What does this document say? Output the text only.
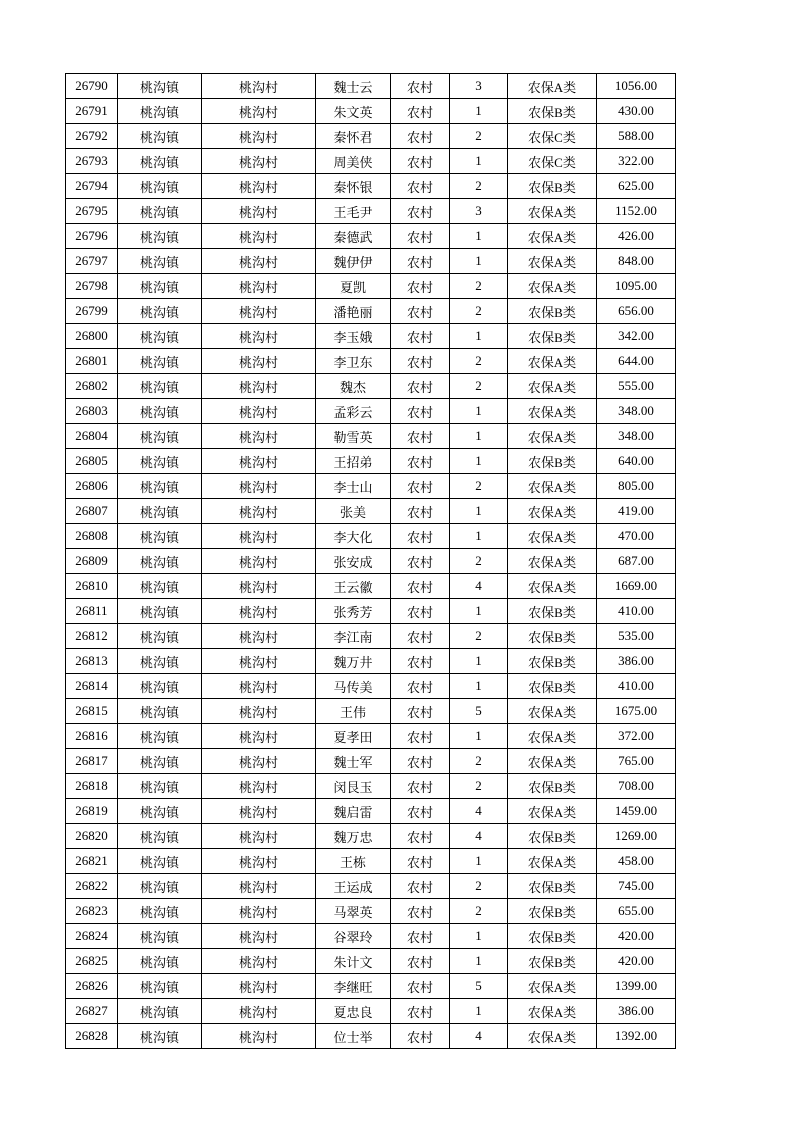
26790	桃沟镇	桃沟村	魏士云	农村	3	农保A类	1056.00
26791	桃沟镇	桃沟村	朱文英	农村	1	农保B类	430.00
26792	桃沟镇	桃沟村	秦怀君	农村	2	农保C类	588.00
26793	桃沟镇	桃沟村	周美侠	农村	1	农保C类	322.00
26794	桃沟镇	桃沟村	秦怀银	农村	2	农保B类	625.00
26795	桃沟镇	桃沟村	王毛尹	农村	3	农保A类	1152.00
26796	桃沟镇	桃沟村	秦德武	农村	1	农保A类	426.00
26797	桃沟镇	桃沟村	魏伊伊	农村	1	农保A类	848.00
26798	桃沟镇	桃沟村	夏凯	农村	2	农保A类	1095.00
26799	桃沟镇	桃沟村	潘艳丽	农村	2	农保B类	656.00
26800	桃沟镇	桃沟村	李玉娥	农村	1	农保B类	342.00
26801	桃沟镇	桃沟村	李卫东	农村	2	农保A类	644.00
26802	桃沟镇	桃沟村	魏杰	农村	2	农保A类	555.00
26803	桃沟镇	桃沟村	孟彩云	农村	1	农保A类	348.00
26804	桃沟镇	桃沟村	勒雪英	农村	1	农保A类	348.00
26805	桃沟镇	桃沟村	王招弟	农村	1	农保B类	640.00
26806	桃沟镇	桃沟村	李士山	农村	2	农保A类	805.00
26807	桃沟镇	桃沟村	张美	农村	1	农保A类	419.00
26808	桃沟镇	桃沟村	李大化	农村	1	农保A类	470.00
26809	桃沟镇	桃沟村	张安成	农村	2	农保A类	687.00
26810	桃沟镇	桃沟村	王云徽	农村	4	农保A类	1669.00
26811	桃沟镇	桃沟村	张秀芳	农村	1	农保B类	410.00
26812	桃沟镇	桃沟村	李江南	农村	2	农保B类	535.00
26813	桃沟镇	桃沟村	魏万井	农村	1	农保B类	386.00
26814	桃沟镇	桃沟村	马传美	农村	1	农保B类	410.00
26815	桃沟镇	桃沟村	王伟	农村	5	农保A类	1675.00
26816	桃沟镇	桃沟村	夏孝田	农村	1	农保A类	372.00
26817	桃沟镇	桃沟村	魏士军	农村	2	农保A类	765.00
26818	桃沟镇	桃沟村	闵艮玉	农村	2	农保B类	708.00
26819	桃沟镇	桃沟村	魏启雷	农村	4	农保A类	1459.00
26820	桃沟镇	桃沟村	魏万忠	农村	4	农保B类	1269.00
26821	桃沟镇	桃沟村	王栋	农村	1	农保A类	458.00
26822	桃沟镇	桃沟村	王运成	农村	2	农保B类	745.00
26823	桃沟镇	桃沟村	马翠英	农村	2	农保B类	655.00
26824	桃沟镇	桃沟村	谷翠玲	农村	1	农保B类	420.00
26825	桃沟镇	桃沟村	朱计文	农村	1	农保B类	420.00
26826	桃沟镇	桃沟村	李继旺	农村	5	农保A类	1399.00
26827	桃沟镇	桃沟村	夏忠良	农村	1	农保A类	386.00
26828	桃沟镇	桃沟村	位士举	农村	4	农保A类	1392.00
